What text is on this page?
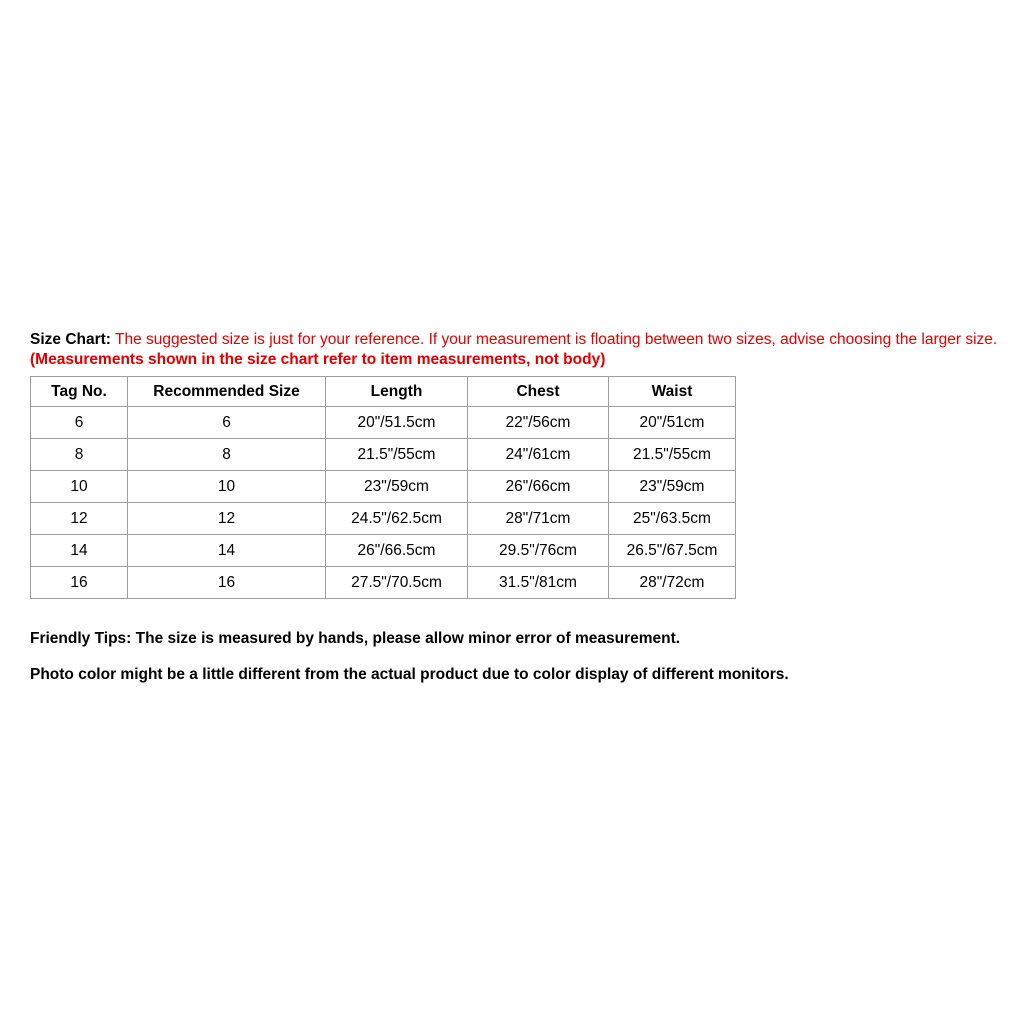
Size Chart: The suggested size is just for your reference. If your measurement is floating between two sizes, advise choosing the larger size.

(Measurements shown in the size chart refer to item measurements, not body)

Tag No.	Recommended Size	Length	Chest	Waist
6	6	20"/51.5cm	22"/56cm	20"/51cm
8	8	21.5"/55cm	24"/61cm	21.5"/55cm
10	10	23"/59cm	26"/66cm	23"/59cm
12	12	24.5"/62.5cm	28"/71cm	25"/63.5cm
14	14	26"/66.5cm	29.5"/76cm	26.5"/67.5cm
16	16	27.5"/70.5cm	31.5"/81cm	28"/72cm

Friendly Tips: The size is measured by hands, please allow minor error of measurement.

Photo color might be a little different from the actual product due to color display of different monitors.
